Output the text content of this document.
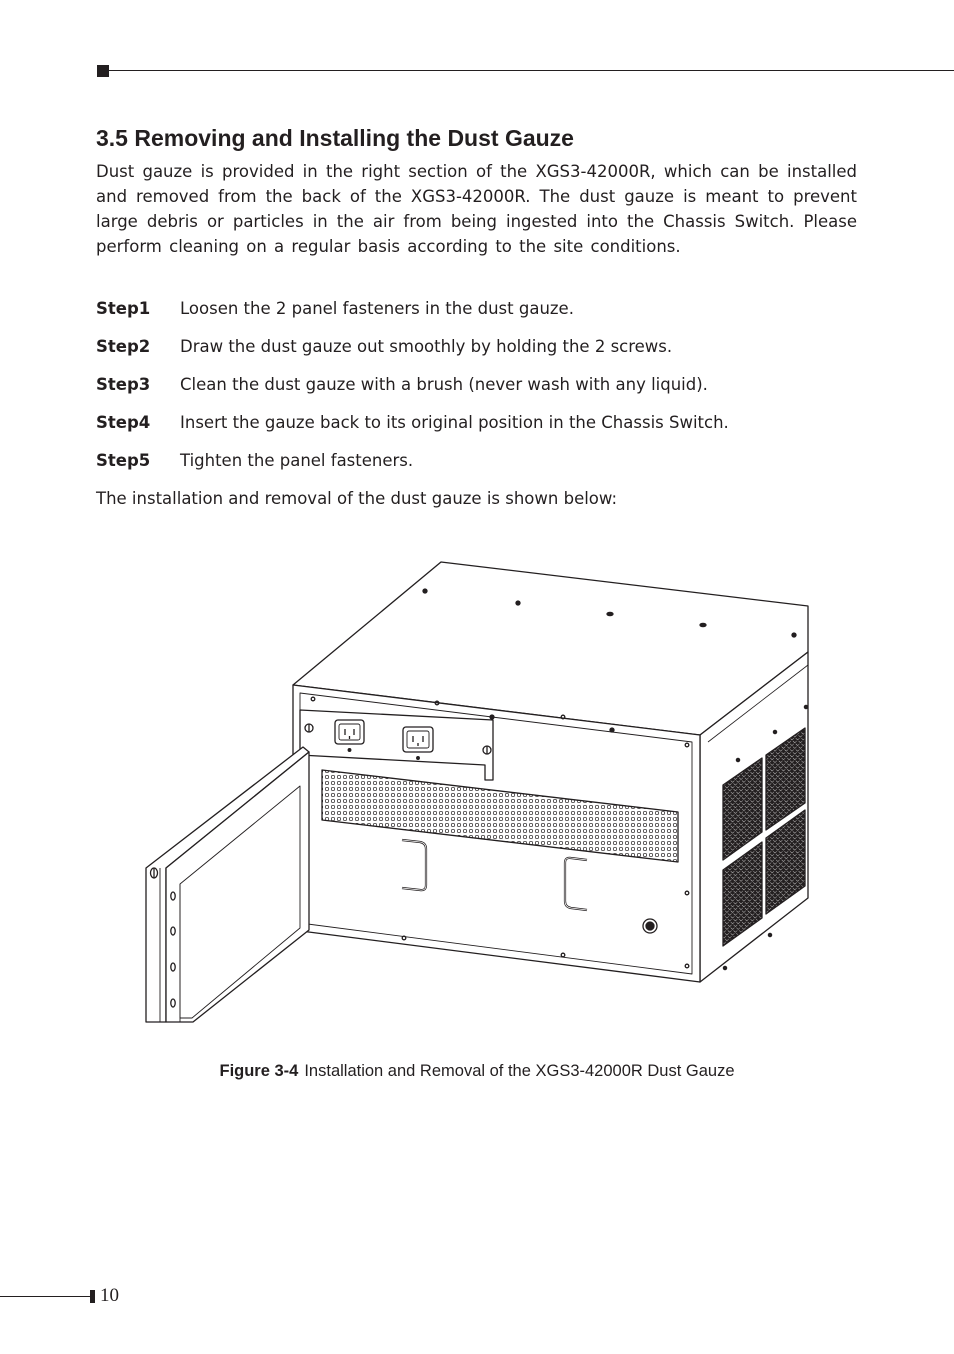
3.5 Removing and Installing the Dust Gauze

Dust gauze is provided in the right section of the XGS3-42000R, which can be installed and removed from the back of the XGS3-42000R. The dust gauze is meant to prevent large debris or particles in the air from being ingested into the Chassis Switch. Please perform cleaning on a regular basis according to the site conditions.

Step1	Loosen the 2 panel fasteners in the dust gauze.
Step2	Draw the dust gauze out smoothly by holding the 2 screws.
Step3	Clean the dust gauze with a brush (never wash with any liquid).
Step4	Insert the gauze back to its original position in the Chassis Switch.
Step5	Tighten the panel fasteners.

The installation and removal of the dust gauze is shown below:

Figure 3-4 Installation and Removal of the XGS3-42000R Dust Gauze
10
